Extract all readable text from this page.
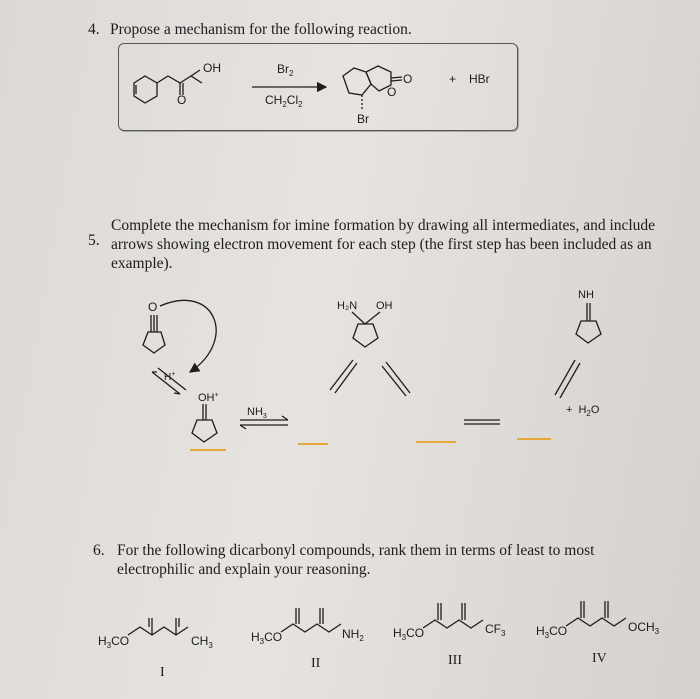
4. Propose a mechanism for the following reaction.
5.
Complete the mechanism for imine formation by drawing all intermediates, and include
arrows showing electron movement for each step (the first step has been included as an
example).
6. For the following dicarbonyl compounds, rank them in terms of least to most
electrophilic and explain your reasoning.
OH
O
$Br_2$
$CH_2Cl_2$
O
O
Br
+ HBr
O
H+
OH+
$NH_3$
H₂N OH
NH
+ $H_2O$
$H_3CO$	$CH_3$
I
$H_3CO$	$NH_2$
II
$H_3CO$	$CF_3$
III
$H_3CO$	$OCH_3$
IV
